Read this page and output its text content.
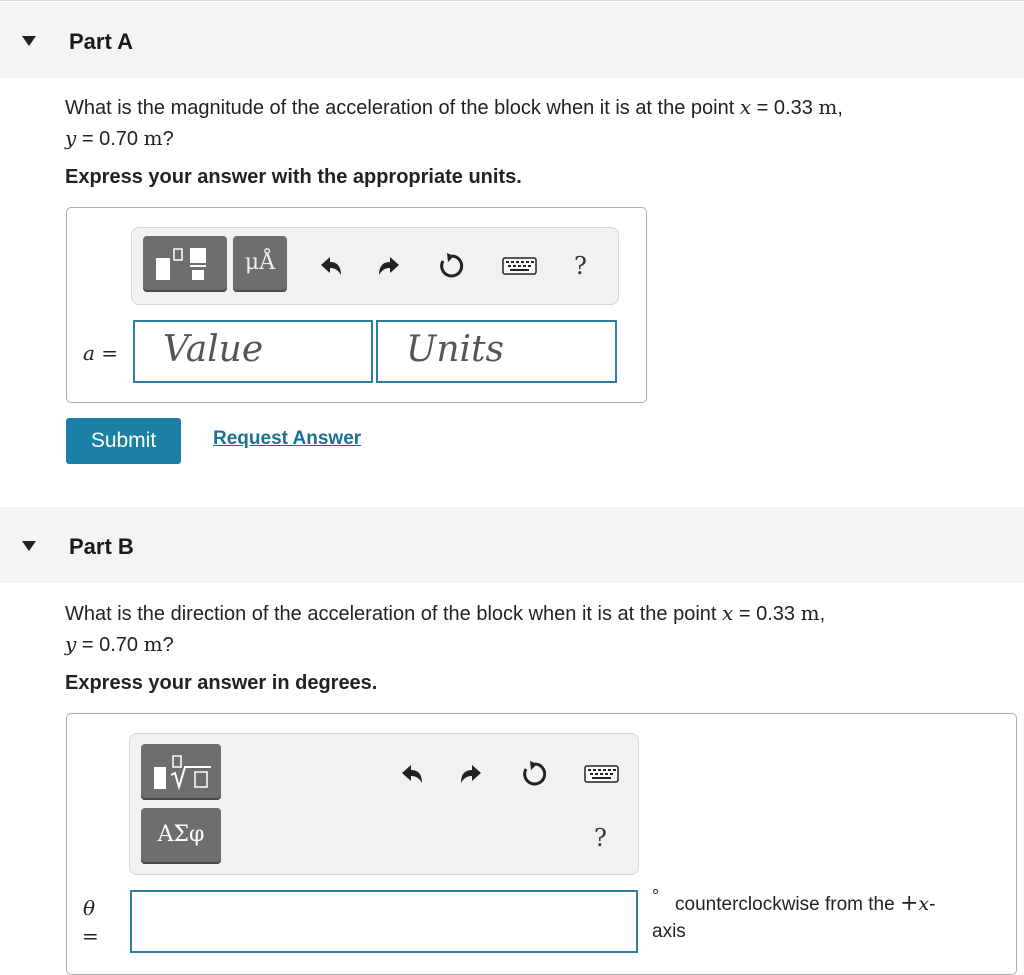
Part A
What is the magnitude of the acceleration of the block when it is at the point x = 0.33 m,
y = 0.70 m?
Express your answer with the appropriate units.
μÅ	?
a = Value	Units
Submit	Request Answer
Part B
What is the direction of the acceleration of the block when it is at the point x = 0.33 m,
y = 0.70 m?
Express your answer in degrees.
ΑΣφ	?
θ
=
° counterclockwise from the +x-
axis
